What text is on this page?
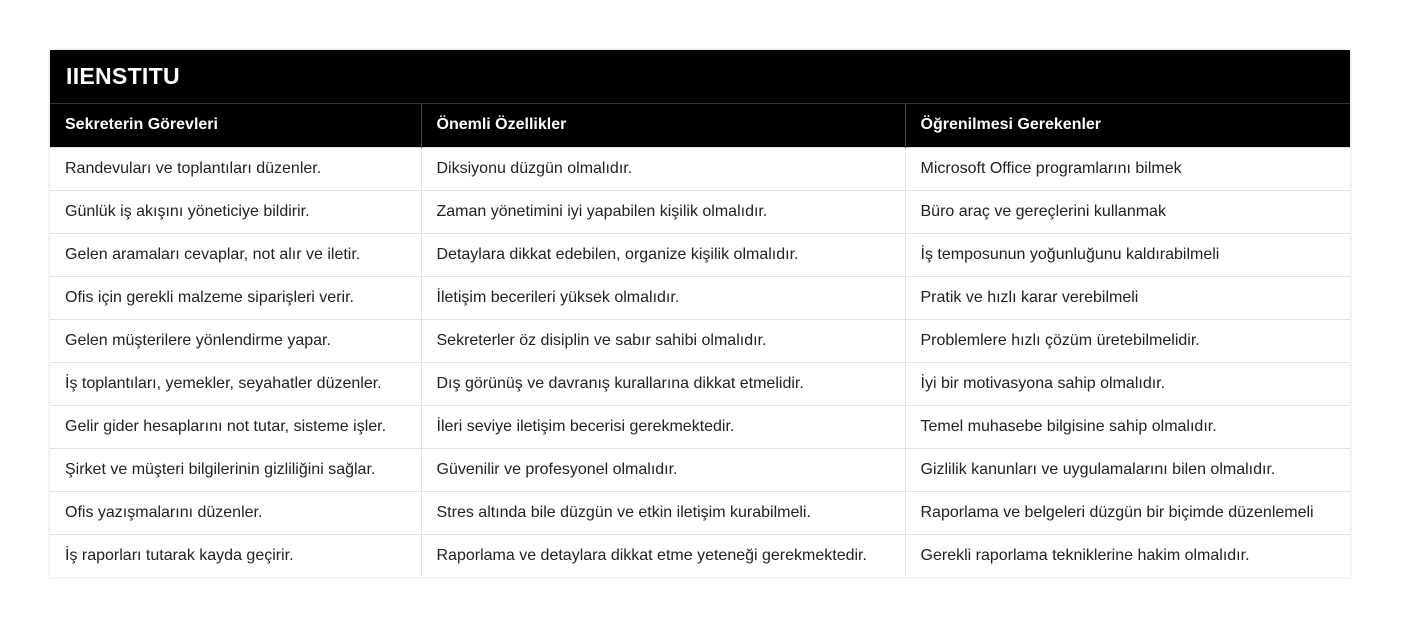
IIENSTITU
Sekreterin Görevleri	Önemli Özellikler	Öğrenilmesi Gerekenler
Randevuları ve toplantıları düzenler.	Diksiyonu düzgün olmalıdır.	Microsoft Office programlarını bilmek
Günlük iş akışını yöneticiye bildirir.	Zaman yönetimini iyi yapabilen kişilik olmalıdır.	Büro araç ve gereçlerini kullanmak
Gelen aramaları cevaplar, not alır ve iletir.	Detaylara dikkat edebilen, organize kişilik olmalıdır.	İş temposunun yoğunluğunu kaldırabilmeli
Ofis için gerekli malzeme siparişleri verir.	İletişim becerileri yüksek olmalıdır.	Pratik ve hızlı karar verebilmeli
Gelen müşterilere yönlendirme yapar.	Sekreterler öz disiplin ve sabır sahibi olmalıdır.	Problemlere hızlı çözüm üretebilmelidir.
İş toplantıları, yemekler, seyahatler düzenler.	Dış görünüş ve davranış kurallarına dikkat etmelidir.	İyi bir motivasyona sahip olmalıdır.
Gelir gider hesaplarını not tutar, sisteme işler.	İleri seviye iletişim becerisi gerekmektedir.	Temel muhasebe bilgisine sahip olmalıdır.
Şirket ve müşteri bilgilerinin gizliliğini sağlar.	Güvenilir ve profesyonel olmalıdır.	Gizlilik kanunları ve uygulamalarını bilen olmalıdır.
Ofis yazışmalarını düzenler.	Stres altında bile düzgün ve etkin iletişim kurabilmeli.	Raporlama ve belgeleri düzgün bir biçimde düzenlemeli
İş raporları tutarak kayda geçirir.	Raporlama ve detaylara dikkat etme yeteneği gerekmektedir.	Gerekli raporlama tekniklerine hakim olmalıdır.
